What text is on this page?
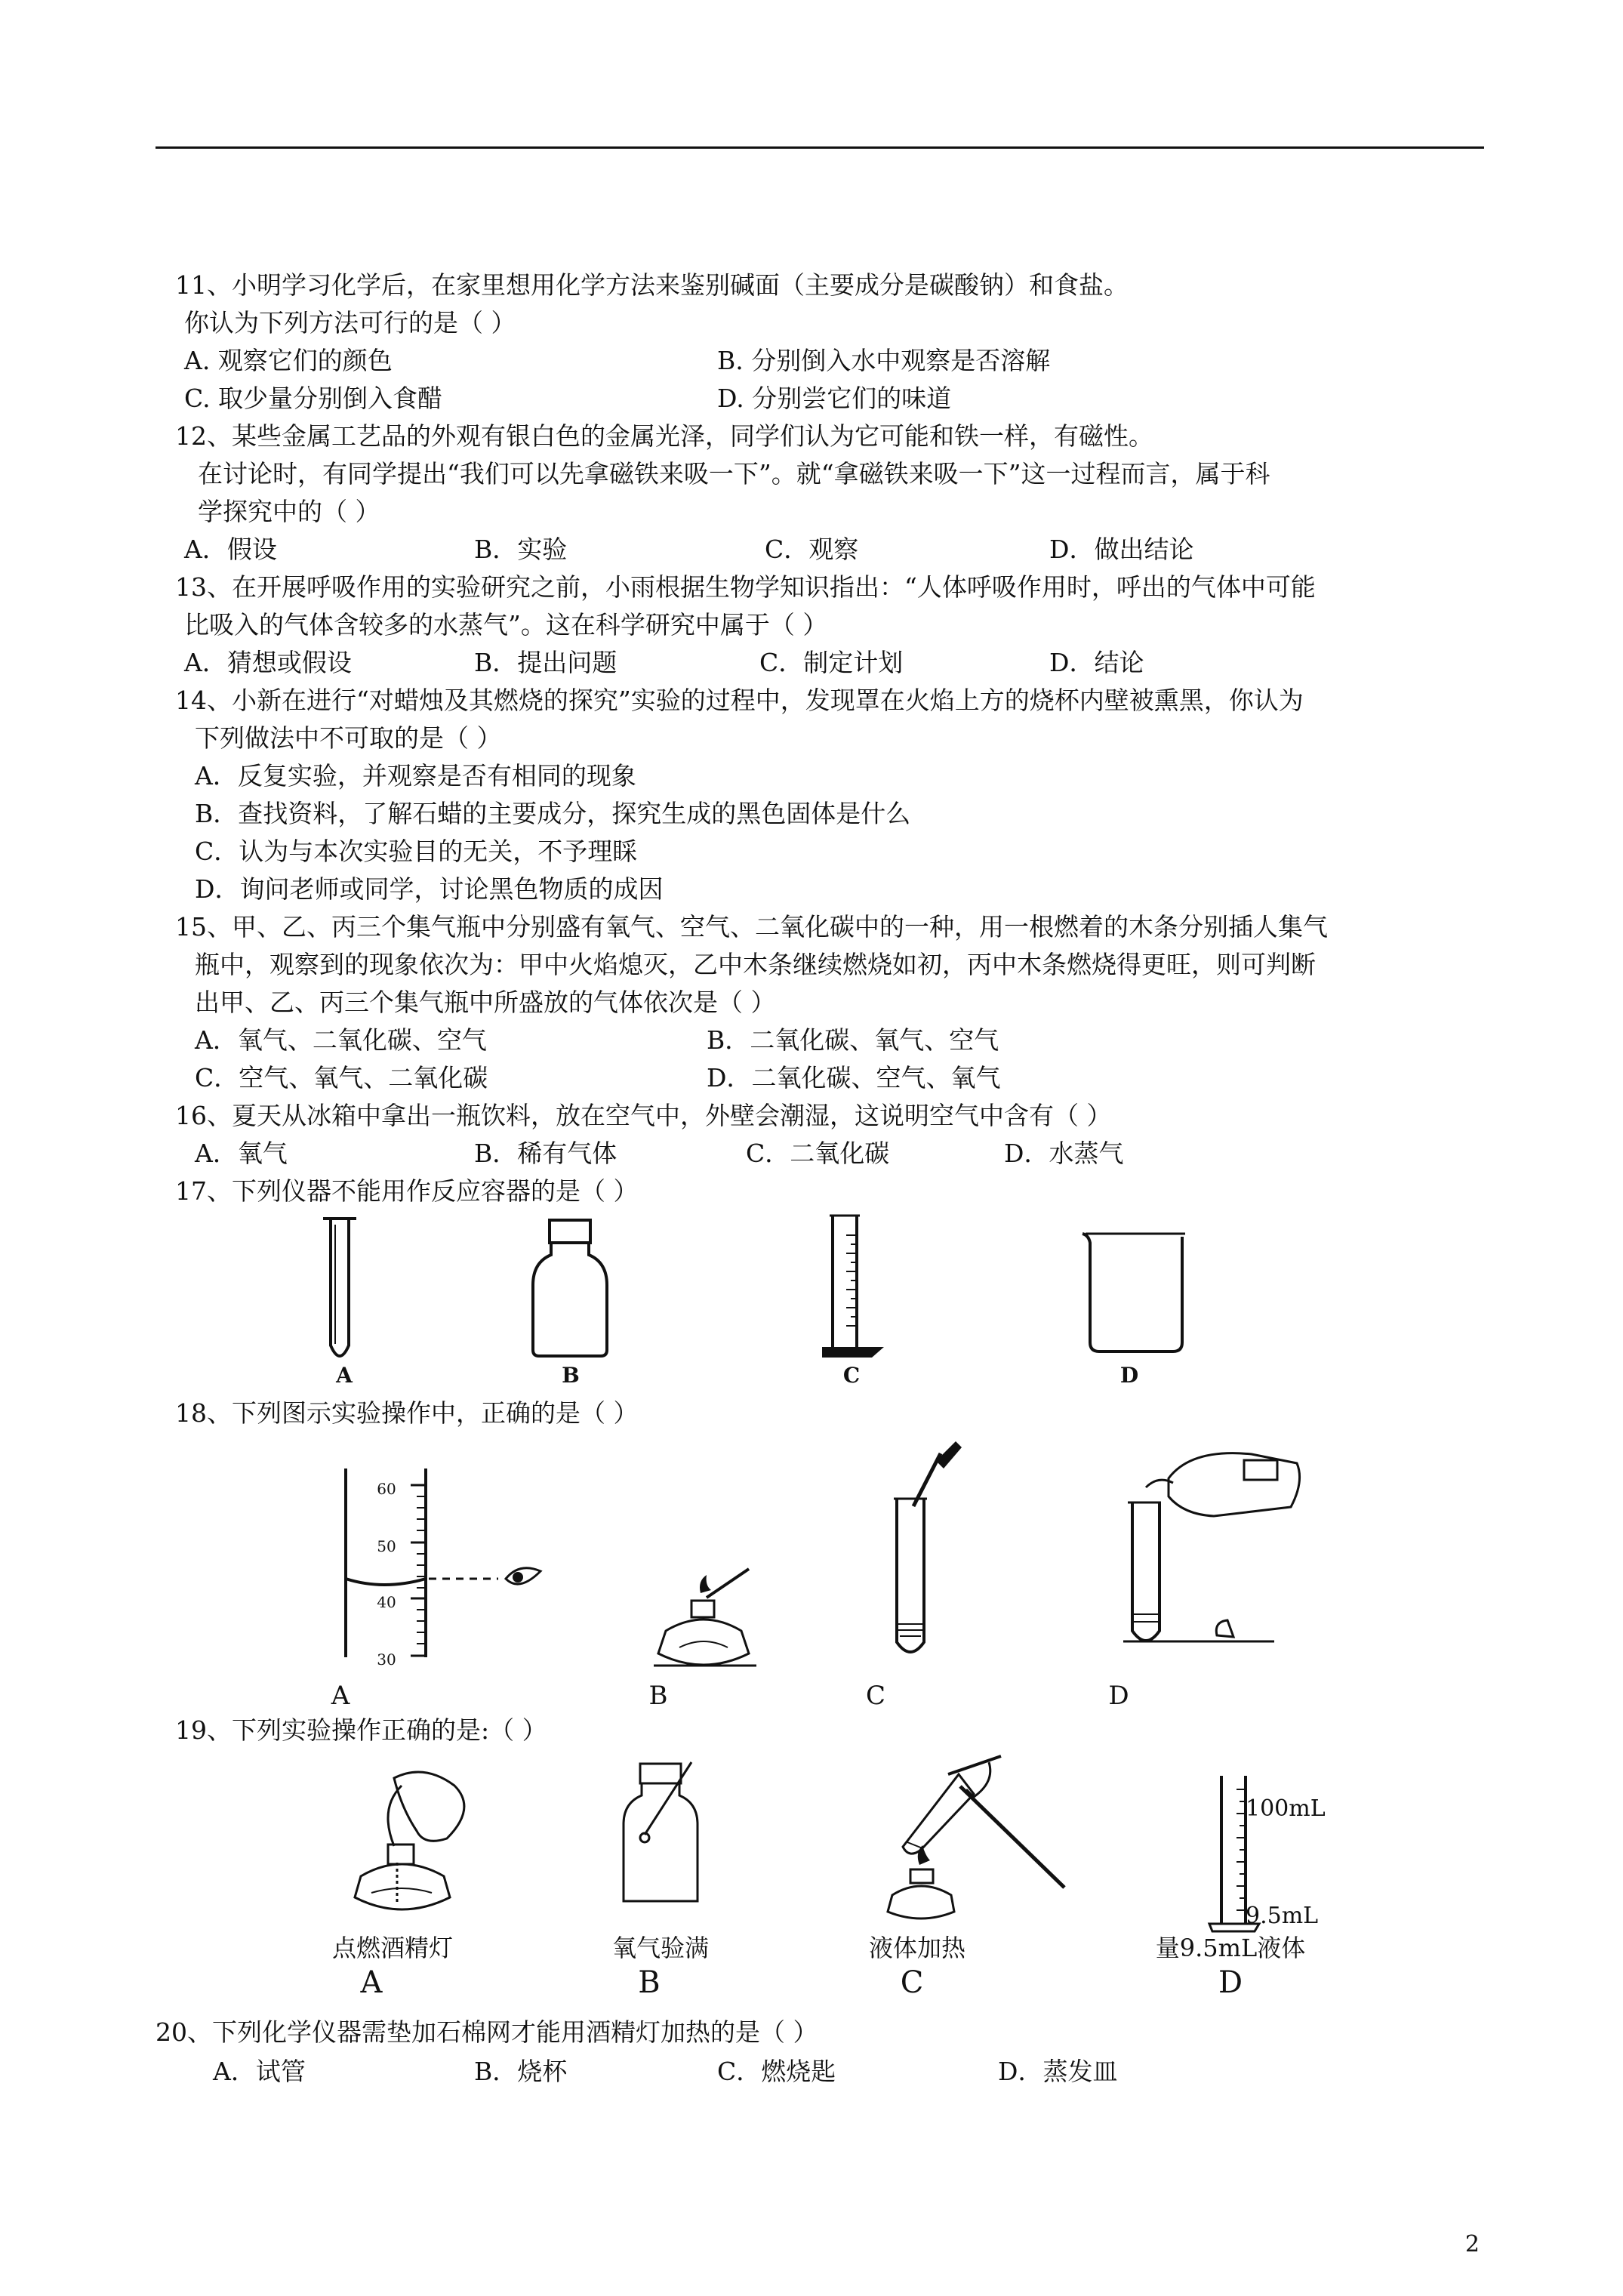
11、小明学习化学后，在家里想用化学方法来鉴别碱面（主要成分是碳酸钠）和食盐。
你认为下列方法可行的是（ ）
A. 观察它们的颜色	B. 分别倒入水中观察是否溶解
C. 取少量分别倒入食醋	D. 分别尝它们的味道
12、某些金属工艺品的外观有银白色的金属光泽，同学们认为它可能和铁一样，有磁性。
在讨论时，有同学提出“我们可以先拿磁铁来吸一下”。就“拿磁铁来吸一下”这一过程而言，属于科
学探究中的（ ）
A．假设	B．实验	C．观察	D．做出结论
13、在开展呼吸作用的实验研究之前，小雨根据生物学知识指出：“人体呼吸作用时，呼出的气体中可能
比吸入的气体含较多的水蒸气”。这在科学研究中属于（ ）
A．猜想或假设	B．提出问题	C．制定计划	D．结论
14、小新在进行“对蜡烛及其燃烧的探究”实验的过程中，发现罩在火焰上方的烧杯内壁被熏黑，你认为
下列做法中不可取的是（ ）
A．反复实验，并观察是否有相同的现象
B．查找资料，了解石蜡的主要成分，探究生成的黑色固体是什么
C．认为与本次实验目的无关，不予理睬
D．询问老师或同学，讨论黑色物质的成因
15、甲、乙、丙三个集气瓶中分别盛有氧气、空气、二氧化碳中的一种，用一根燃着的木条分别插人集气
瓶中，观察到的现象依次为：甲中火焰熄灭，乙中木条继续燃烧如初，丙中木条燃烧得更旺，则可判断
出甲、乙、丙三个集气瓶中所盛放的气体依次是（ ）
A．氧气、二氧化碳、空气	B．二氧化碳、氧气、空气
C．空气、氧气、二氧化碳	D．二氧化碳、空气、氧气
16、夏天从冰箱中拿出一瓶饮料，放在空气中，外壁会潮湿，这说明空气中含有（ ）
A．氧气	B．稀有气体	C．二氧化碳	D．水蒸气
17、下列仪器不能用作反应容器的是（ ）
A	B	C	D
18、下列图示实验操作中，正确的是（ ）
60
50
40
30
A	B	C	D
19、下列实验操作正确的是:（ ）
点燃酒精灯
A
氧气验满
B
液体加热
C
100mL
9.5mL
量9.5mL液体
D
20、下列化学仪器需垫加石棉网才能用酒精灯加热的是（ ）
A．试管	B．烧杯	C．燃烧匙	D．蒸发皿
2
